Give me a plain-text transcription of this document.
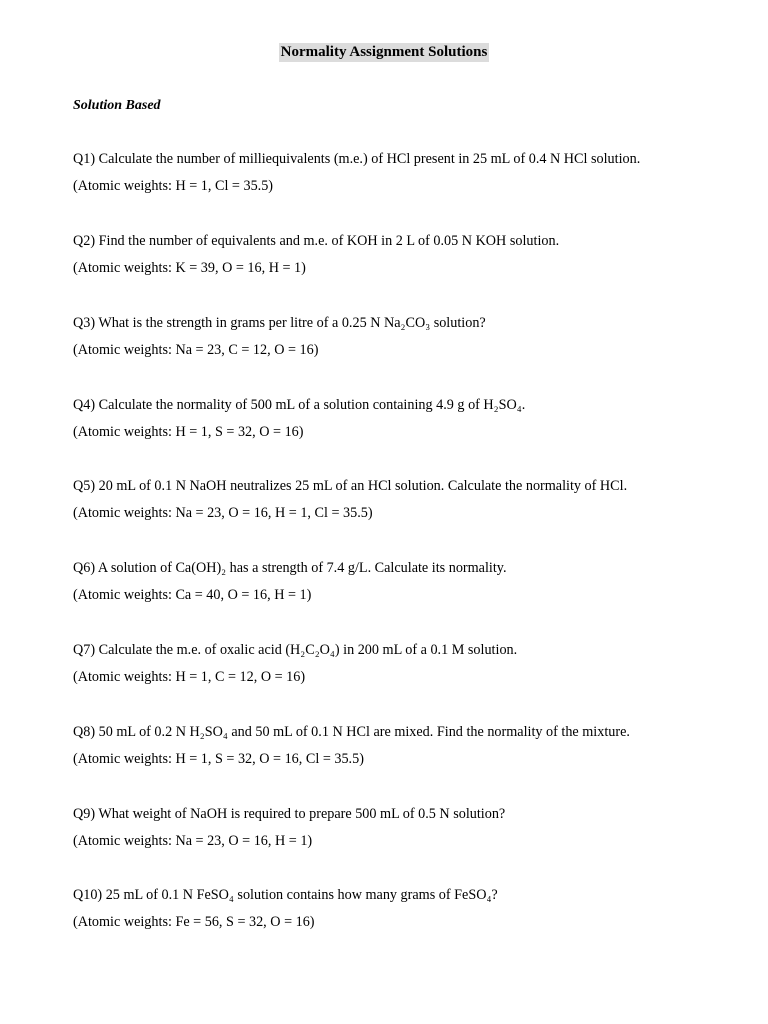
Normality Assignment Solutions
Solution Based
Q1) Calculate the number of milliequivalents (m.e.) of HCl present in 25 mL of 0.4 N HCl solution.
(Atomic weights: H = 1, Cl = 35.5)
Q2) Find the number of equivalents and m.e. of KOH in 2 L of 0.05 N KOH solution.
(Atomic weights: K = 39, O = 16, H = 1)
Q3) What is the strength in grams per litre of a 0.25 N Na₂CO₃ solution?
(Atomic weights: Na = 23, C = 12, O = 16)
Q4) Calculate the normality of 500 mL of a solution containing 4.9 g of H₂SO₄.
(Atomic weights: H = 1, S = 32, O = 16)
Q5) 20 mL of 0.1 N NaOH neutralizes 25 mL of an HCl solution. Calculate the normality of HCl.
(Atomic weights: Na = 23, O = 16, H = 1, Cl = 35.5)
Q6) A solution of Ca(OH)₂ has a strength of 7.4 g/L. Calculate its normality.
(Atomic weights: Ca = 40, O = 16, H = 1)
Q7) Calculate the m.e. of oxalic acid (H₂C₂O₄) in 200 mL of a 0.1 M solution.
(Atomic weights: H = 1, C = 12, O = 16)
Q8) 50 mL of 0.2 N H₂SO₄ and 50 mL of 0.1 N HCl are mixed. Find the normality of the mixture.
(Atomic weights: H = 1, S = 32, O = 16, Cl = 35.5)
Q9) What weight of NaOH is required to prepare 500 mL of 0.5 N solution?
(Atomic weights: Na = 23, O = 16, H = 1)
Q10) 25 mL of 0.1 N FeSO₄ solution contains how many grams of FeSO₄?
(Atomic weights: Fe = 56, S = 32, O = 16)
